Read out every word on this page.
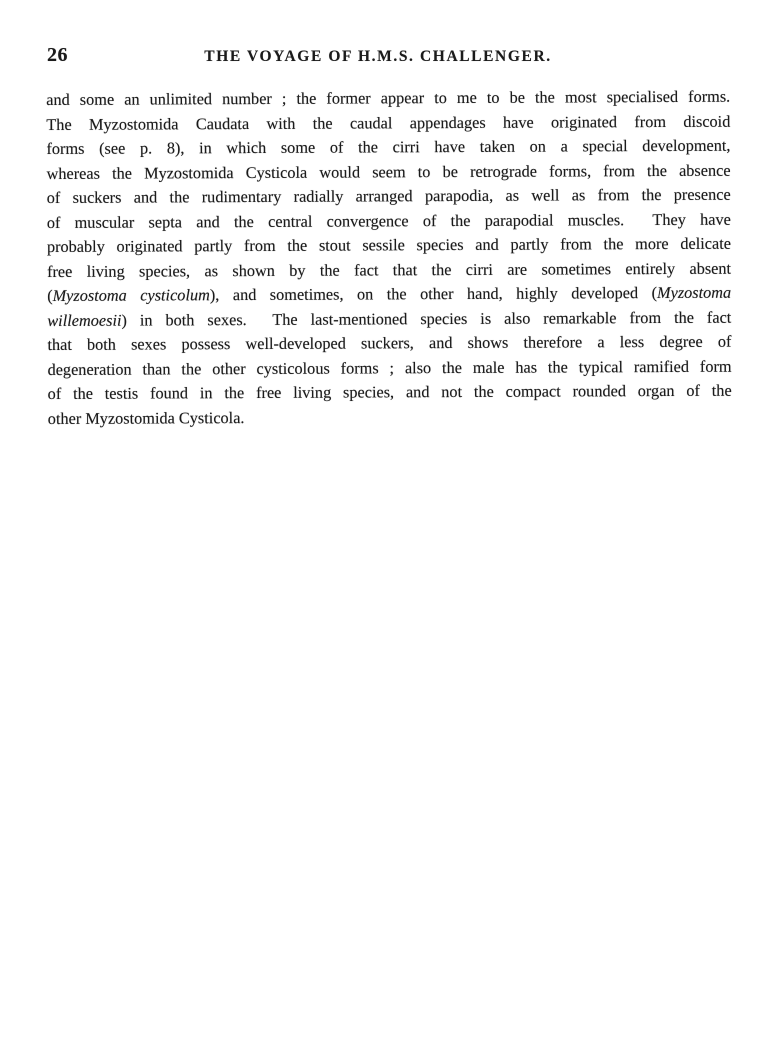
26	THE VOYAGE OF H.M.S. CHALLENGER.
and some an unlimited number ; the former appear to me to be the most specialised forms.
The Myzostomida Caudata with the caudal appendages have originated from discoid
forms (see p. 8), in which some of the cirri have taken on a special development,
whereas the Myzostomida Cysticola would seem to be retrograde forms, from the absence
of suckers and the rudimentary radially arranged parapodia, as well as from the presence
of muscular septa and the central convergence of the parapodial muscles.  They have
probably originated partly from the stout sessile species and partly from the more delicate
free living species, as shown by the fact that the cirri are sometimes entirely absent
(Myzostoma cysticolum), and sometimes, on the other hand, highly developed (Myzostoma
willemoesii) in both sexes.  The last-mentioned species is also remarkable from the fact
that both sexes possess well-developed suckers, and shows therefore a less degree of
degeneration than the other cysticolous forms ; also the male has the typical ramified form
of the testis found in the free living species, and not the compact rounded organ of the
other Myzostomida Cysticola.
